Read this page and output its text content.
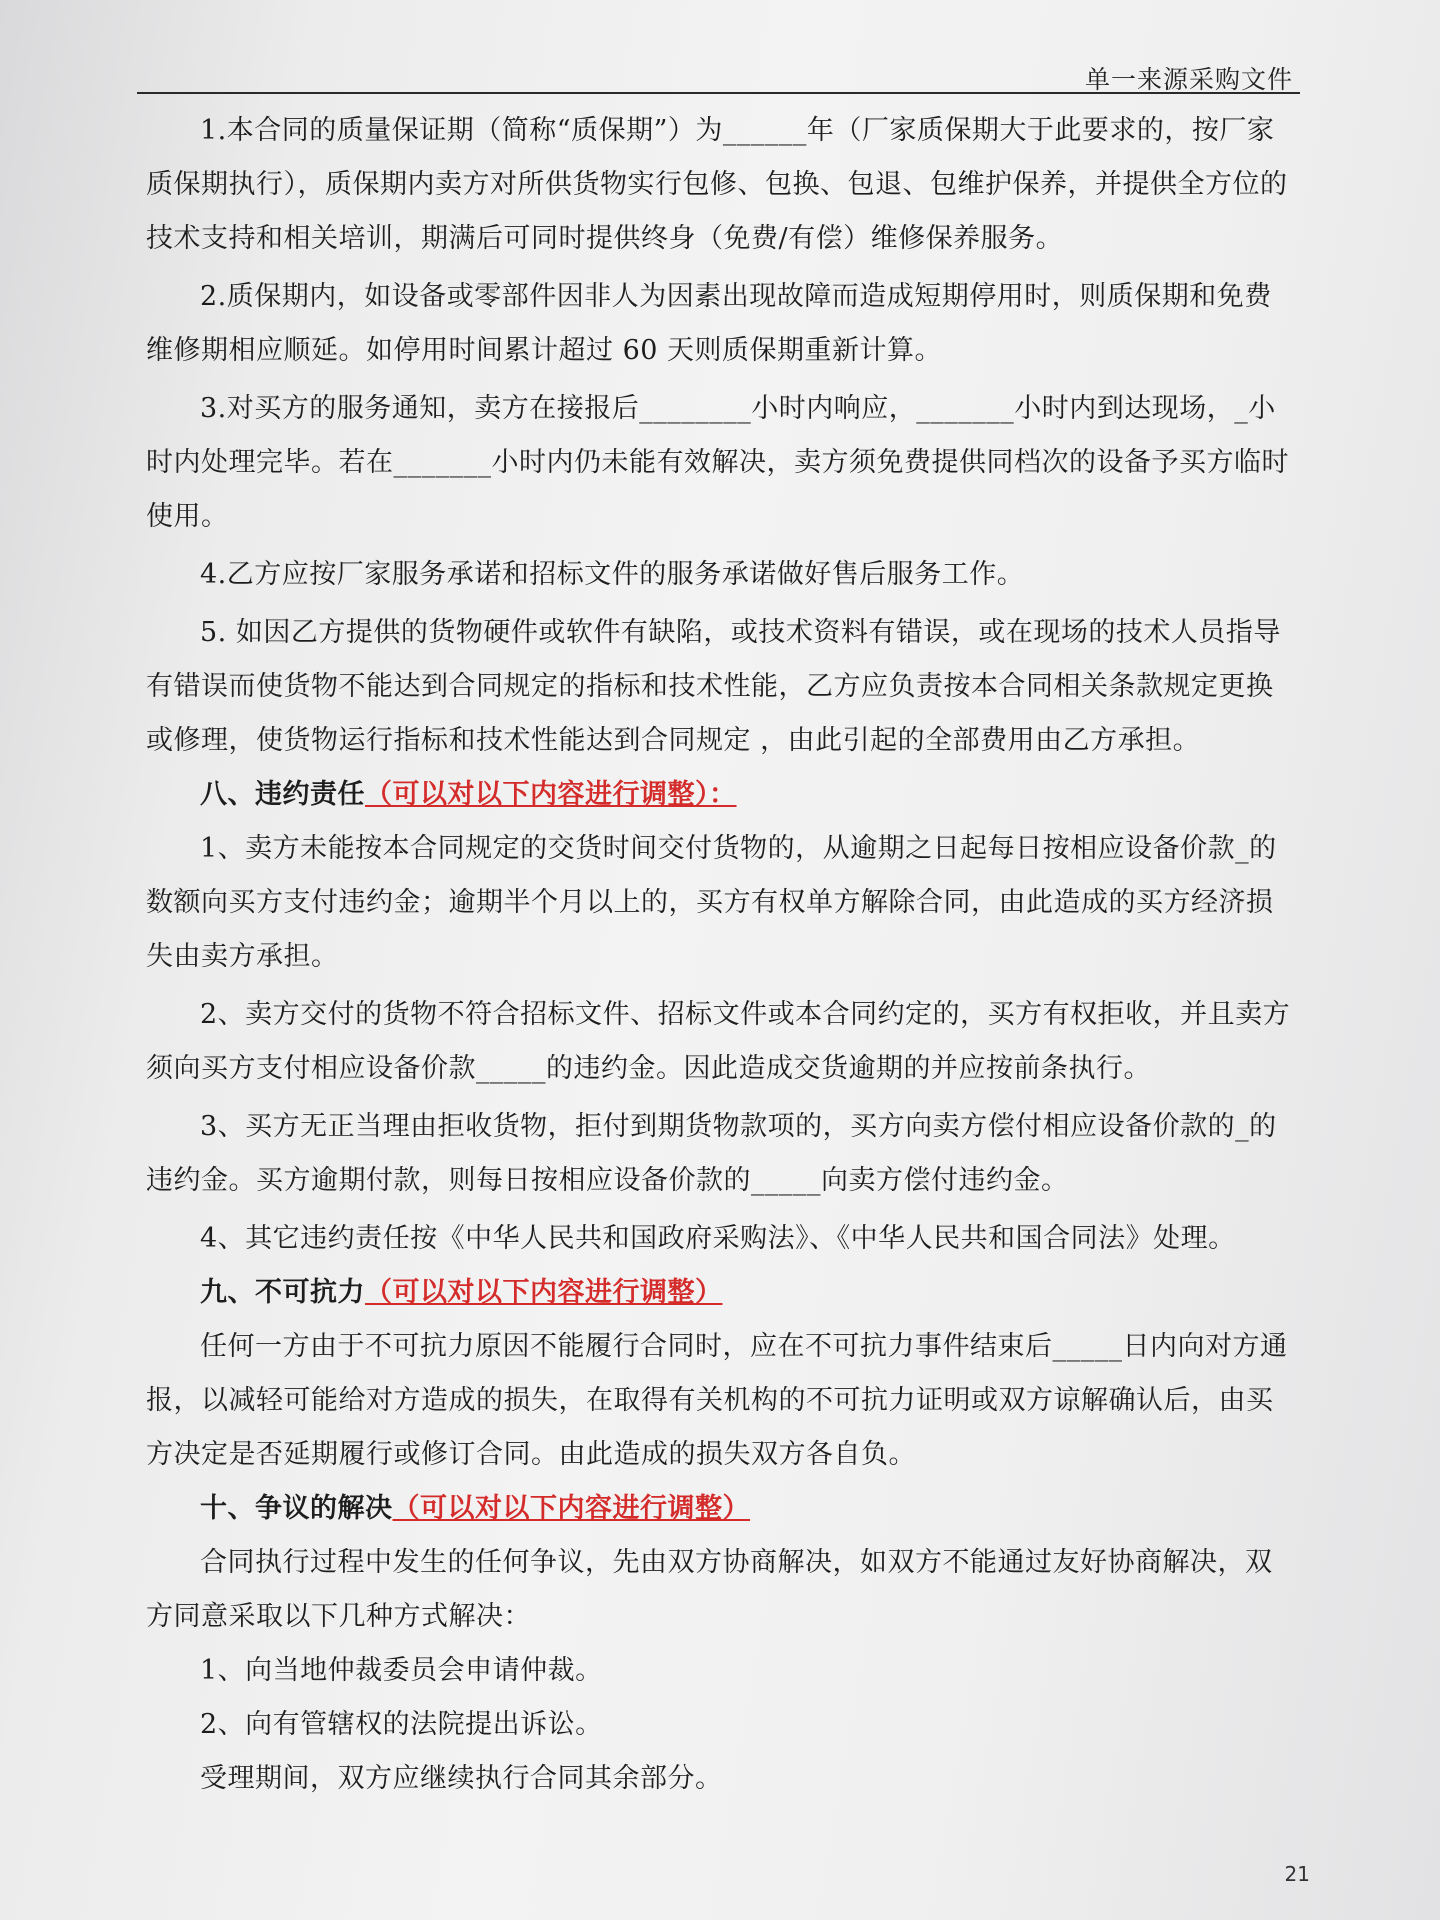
单一来源采购文件

1.本合同的质量保证期（简称“质保期”）为______年（厂家质保期大于此要求的，按厂家质保期执行），质保期内卖方对所供货物实行包修、包换、包退、包维护保养，并提供全方位的技术支持和相关培训，期满后可同时提供终身（免费/有偿）维修保养服务。

2.质保期内，如设备或零部件因非人为因素出现故障而造成短期停用时，则质保期和免费维修期相应顺延。如停用时间累计超过 60 天则质保期重新计算。

3.对买方的服务通知，卖方在接报后________小时内响应，_______小时内到达现场，_小时内处理完毕。若在_______小时内仍未能有效解决，卖方须免费提供同档次的设备予买方临时使用。

4.乙方应按厂家服务承诺和招标文件的服务承诺做好售后服务工作。

5. 如因乙方提供的货物硬件或软件有缺陷，或技术资料有错误，或在现场的技术人员指导有错误而使货物不能达到合同规定的指标和技术性能，乙方应负责按本合同相关条款规定更换或修理，使货物运行指标和技术性能达到合同规定 ，由此引起的全部费用由乙方承担。

八、违约责任（可以对以下内容进行调整）：

1、卖方未能按本合同规定的交货时间交付货物的，从逾期之日起每日按相应设备价款_的数额向买方支付违约金；逾期半个月以上的，买方有权单方解除合同，由此造成的买方经济损失由卖方承担。

2、卖方交付的货物不符合招标文件、招标文件或本合同约定的，买方有权拒收，并且卖方须向买方支付相应设备价款_____的违约金。因此造成交货逾期的并应按前条执行。

3、买方无正当理由拒收货物，拒付到期货物款项的，买方向卖方偿付相应设备价款的_的违约金。买方逾期付款，则每日按相应设备价款的_____向卖方偿付违约金。

4、其它违约责任按《中华人民共和国政府采购法》、《中华人民共和国合同法》处理。

九、不可抗力（可以对以下内容进行调整）

任何一方由于不可抗力原因不能履行合同时，应在不可抗力事件结束后_____日内向对方通报，以减轻可能给对方造成的损失，在取得有关机构的不可抗力证明或双方谅解确认后，由买方决定是否延期履行或修订合同。由此造成的损失双方各自负。

十、争议的解决（可以对以下内容进行调整）

合同执行过程中发生的任何争议，先由双方协商解决，如双方不能通过友好协商解决，双方同意采取以下几种方式解决：

1、向当地仲裁委员会申请仲裁。

2、向有管辖权的法院提出诉讼。

受理期间，双方应继续执行合同其余部分。

21
